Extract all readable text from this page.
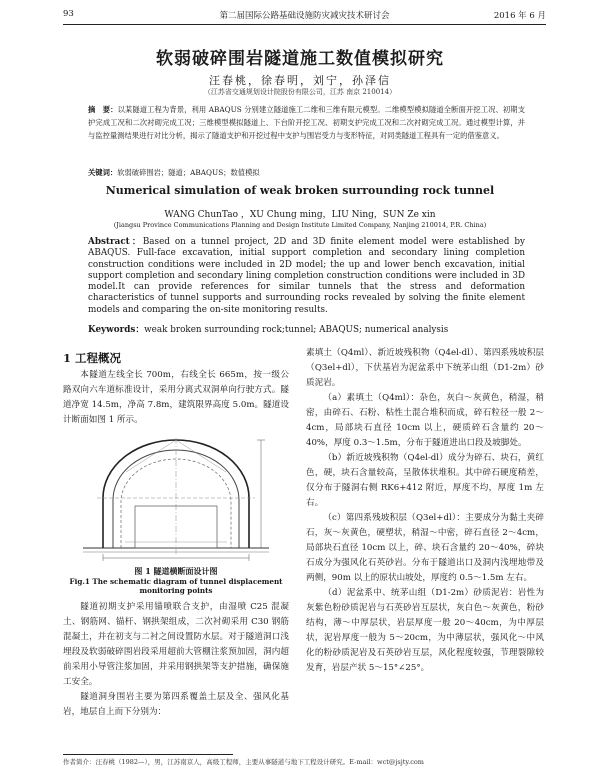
93	第二届国际公路基础设施防灾减灾技术研讨会	2016 年 6 月
软弱破碎围岩隧道施工数值模拟研究
汪春桃，徐春明，刘宁，孙泽信
（江苏省交通规划设计院股份有限公司，江苏 南京 210014）
摘　要：以某隧道工程为背景，利用 ABAQUS 分别建立隧道施工二维和三维有限元模型。二维模型模拟隧道全断面开挖工况、初期支护完成工况和二次衬砌完成工况；三维模型模拟隧道上、下台阶开挖工况、初期支护完成工况和二次衬砌完成工况。通过模型计算，并与监控量测结果进行对比分析，揭示了隧道支护和开挖过程中支护与围岩受力与变形特征，对同类隧道工程具有一定的借鉴意义。
关键词：软弱破碎围岩；隧道；ABAQUS；数值模拟
Numerical simulation of weak broken surrounding rock tunnel
WANG ChunTao ，XU Chung ming，LIU Ning，SUN Ze xin
(Jiangsu Province Communications Planning and Design Institute Limited Company, Nanjing 210014, P.R. China)
Abstract：Based on a tunnel project, 2D and 3D finite element model were established by ABAQUS. Full-face excavation, initial support completion and secondary lining completion construction conditions were included in 2D model; the up and lower bench excavation, initial support completion and secondary lining completion construction conditions were included in 3D model.It can provide references for similar tunnels that the stress and deformation characteristics of tunnel supports and surrounding rocks revealed by solving the finite element models and comparing the on-site monitoring results.
Keywords：weak broken surrounding rock;tunnel; ABAQUS; numerical analysis
1 工程概况

本隧道左线全长 700m，右线全长 665m，按一级公路双向六车道标准设计，采用分离式双洞单向行驶方式。隧道净宽 14.5m，净高 7.8m，建筑限界高度 5.0m。隧道设计断面如图 1 所示。

图 1 隧道横断面设计图
Fig.1 The schematic diagram of tunnel displacement monitoring points

隧道初期支护采用锚喷联合支护，由湿喷 C25 混凝土、钢筋网、锚杆、钢拱架组成，二次衬砌采用 C30 钢筋混凝土，并在初支与二衬之间设置防水层。对于隧道洞口浅埋段及软弱破碎围岩段采用超前大管棚注浆预加固，洞内超前采用小导管注浆加固，并采用钢拱架等支护措施，确保施工安全。

隧道洞身围岩主要为第四系覆盖土层及全、强风化基岩，地层自上而下分别为：

素填土（Q4ml）、新近坡残积物（Q4el-dl）、第四系残坡积层（Q3el+dl），下伏基岩为泥盆系中下统茅山组（D1-2m）砂质泥岩。

（a）素填土（Q4ml）：杂色，灰白～灰黄色，稍湿，稍密，由碎石、石粉、粘性土混合堆积而成，碎石粒径一般 2～4cm，局部块石直径 10cm 以上，硬质碎石含量约 20～40%，厚度 0.3～1.5m，分布于隧道进出口段及坡脚处。

（b）新近坡残积物（Q4el-dl）成分为碎石、块石，黄红色，硬，块石含量较高，呈散体状堆积。其中碎石硬度稍差，仅分布于隧洞右侧 RK6+412 附近，厚度不均，厚度 1m 左右。

（c）第四系残坡积层（Q3el+dl）：主要成分为黏土夹碎石，灰～灰黄色，硬塑状，稍湿～中密，碎石直径 2～4cm，局部块石直径 10cm 以上，碎、块石含量约 20～40%，碎块石成分为强风化石英砂岩。分布于隧道出口及洞内浅埋地带及两侧，90m 以上的原状山坡处，厚度约 0.5～1.5m 左右。

（d）泥盆系中、统茅山组（D1-2m）砂质泥岩：岩性为灰紫色粉砂质泥岩与石英砂岩互层状，灰白色～灰黄色，粉砂结构，薄～中厚层状，岩层厚度一般 20～40cm，为中厚层状，泥岩厚度一般为 5～20cm，为中薄层状，强风化～中风化的粉砂质泥岩及石英砂岩互层，风化程度较强，节理裂隙较发育，岩层产状 5～15°∠25°。

作者简介：汪春桃（1982—），男，江苏南京人，高级工程师，主要从事隧道与地下工程设计研究。E-mail：wct@jsjty.com
